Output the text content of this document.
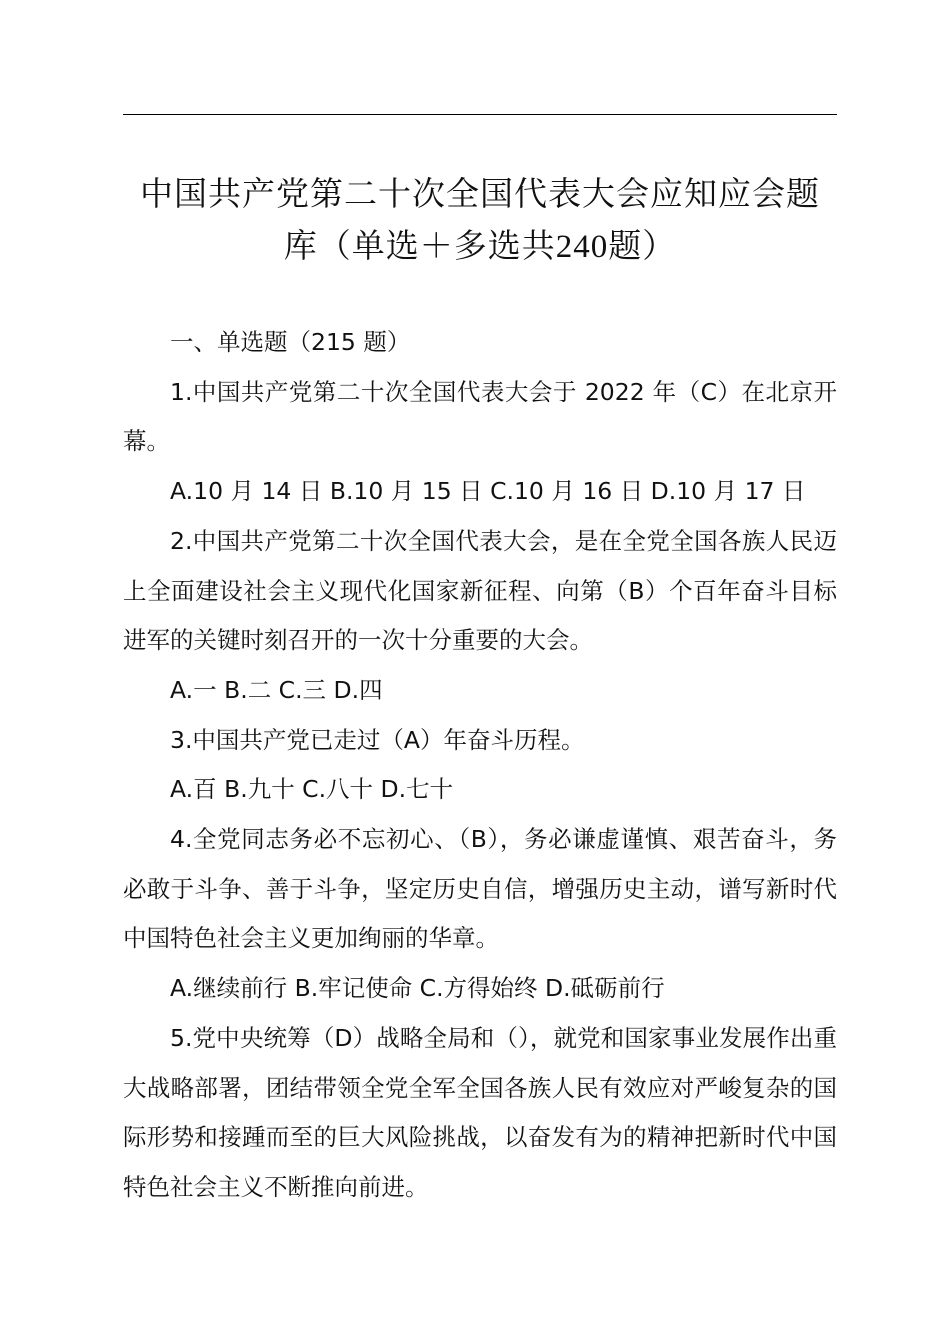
中国共产党第二十次全国代表大会应知应会题
库（单选＋多选共240题）

一、单选题（215 题）

1.中国共产党第二十次全国代表大会于 2022 年（C）在北京开幕。

A.10 月 14 日 B.10 月 15 日 C.10 月 16 日 D.10 月 17 日

2.中国共产党第二十次全国代表大会，是在全党全国各族人民迈上全面建设社会主义现代化国家新征程、向第（B）个百年奋斗目标进军的关键时刻召开的一次十分重要的大会。

A.一 B.二 C.三 D.四

3.中国共产党已走过（A）年奋斗历程。

A.百 B.九十 C.八十 D.七十

4.全党同志务必不忘初心、（B），务必谦虚谨慎、艰苦奋斗，务必敢于斗争、善于斗争，坚定历史自信，增强历史主动，谱写新时代中国特色社会主义更加绚丽的华章。

A.继续前行 B.牢记使命 C.方得始终 D.砥砺前行

5.党中央统筹（D）战略全局和（），就党和国家事业发展作出重大战略部署，团结带领全党全军全国各族人民有效应对严峻复杂的国际形势和接踵而至的巨大风险挑战，以奋发有为的精神把新时代中国特色社会主义不断推向前进。
